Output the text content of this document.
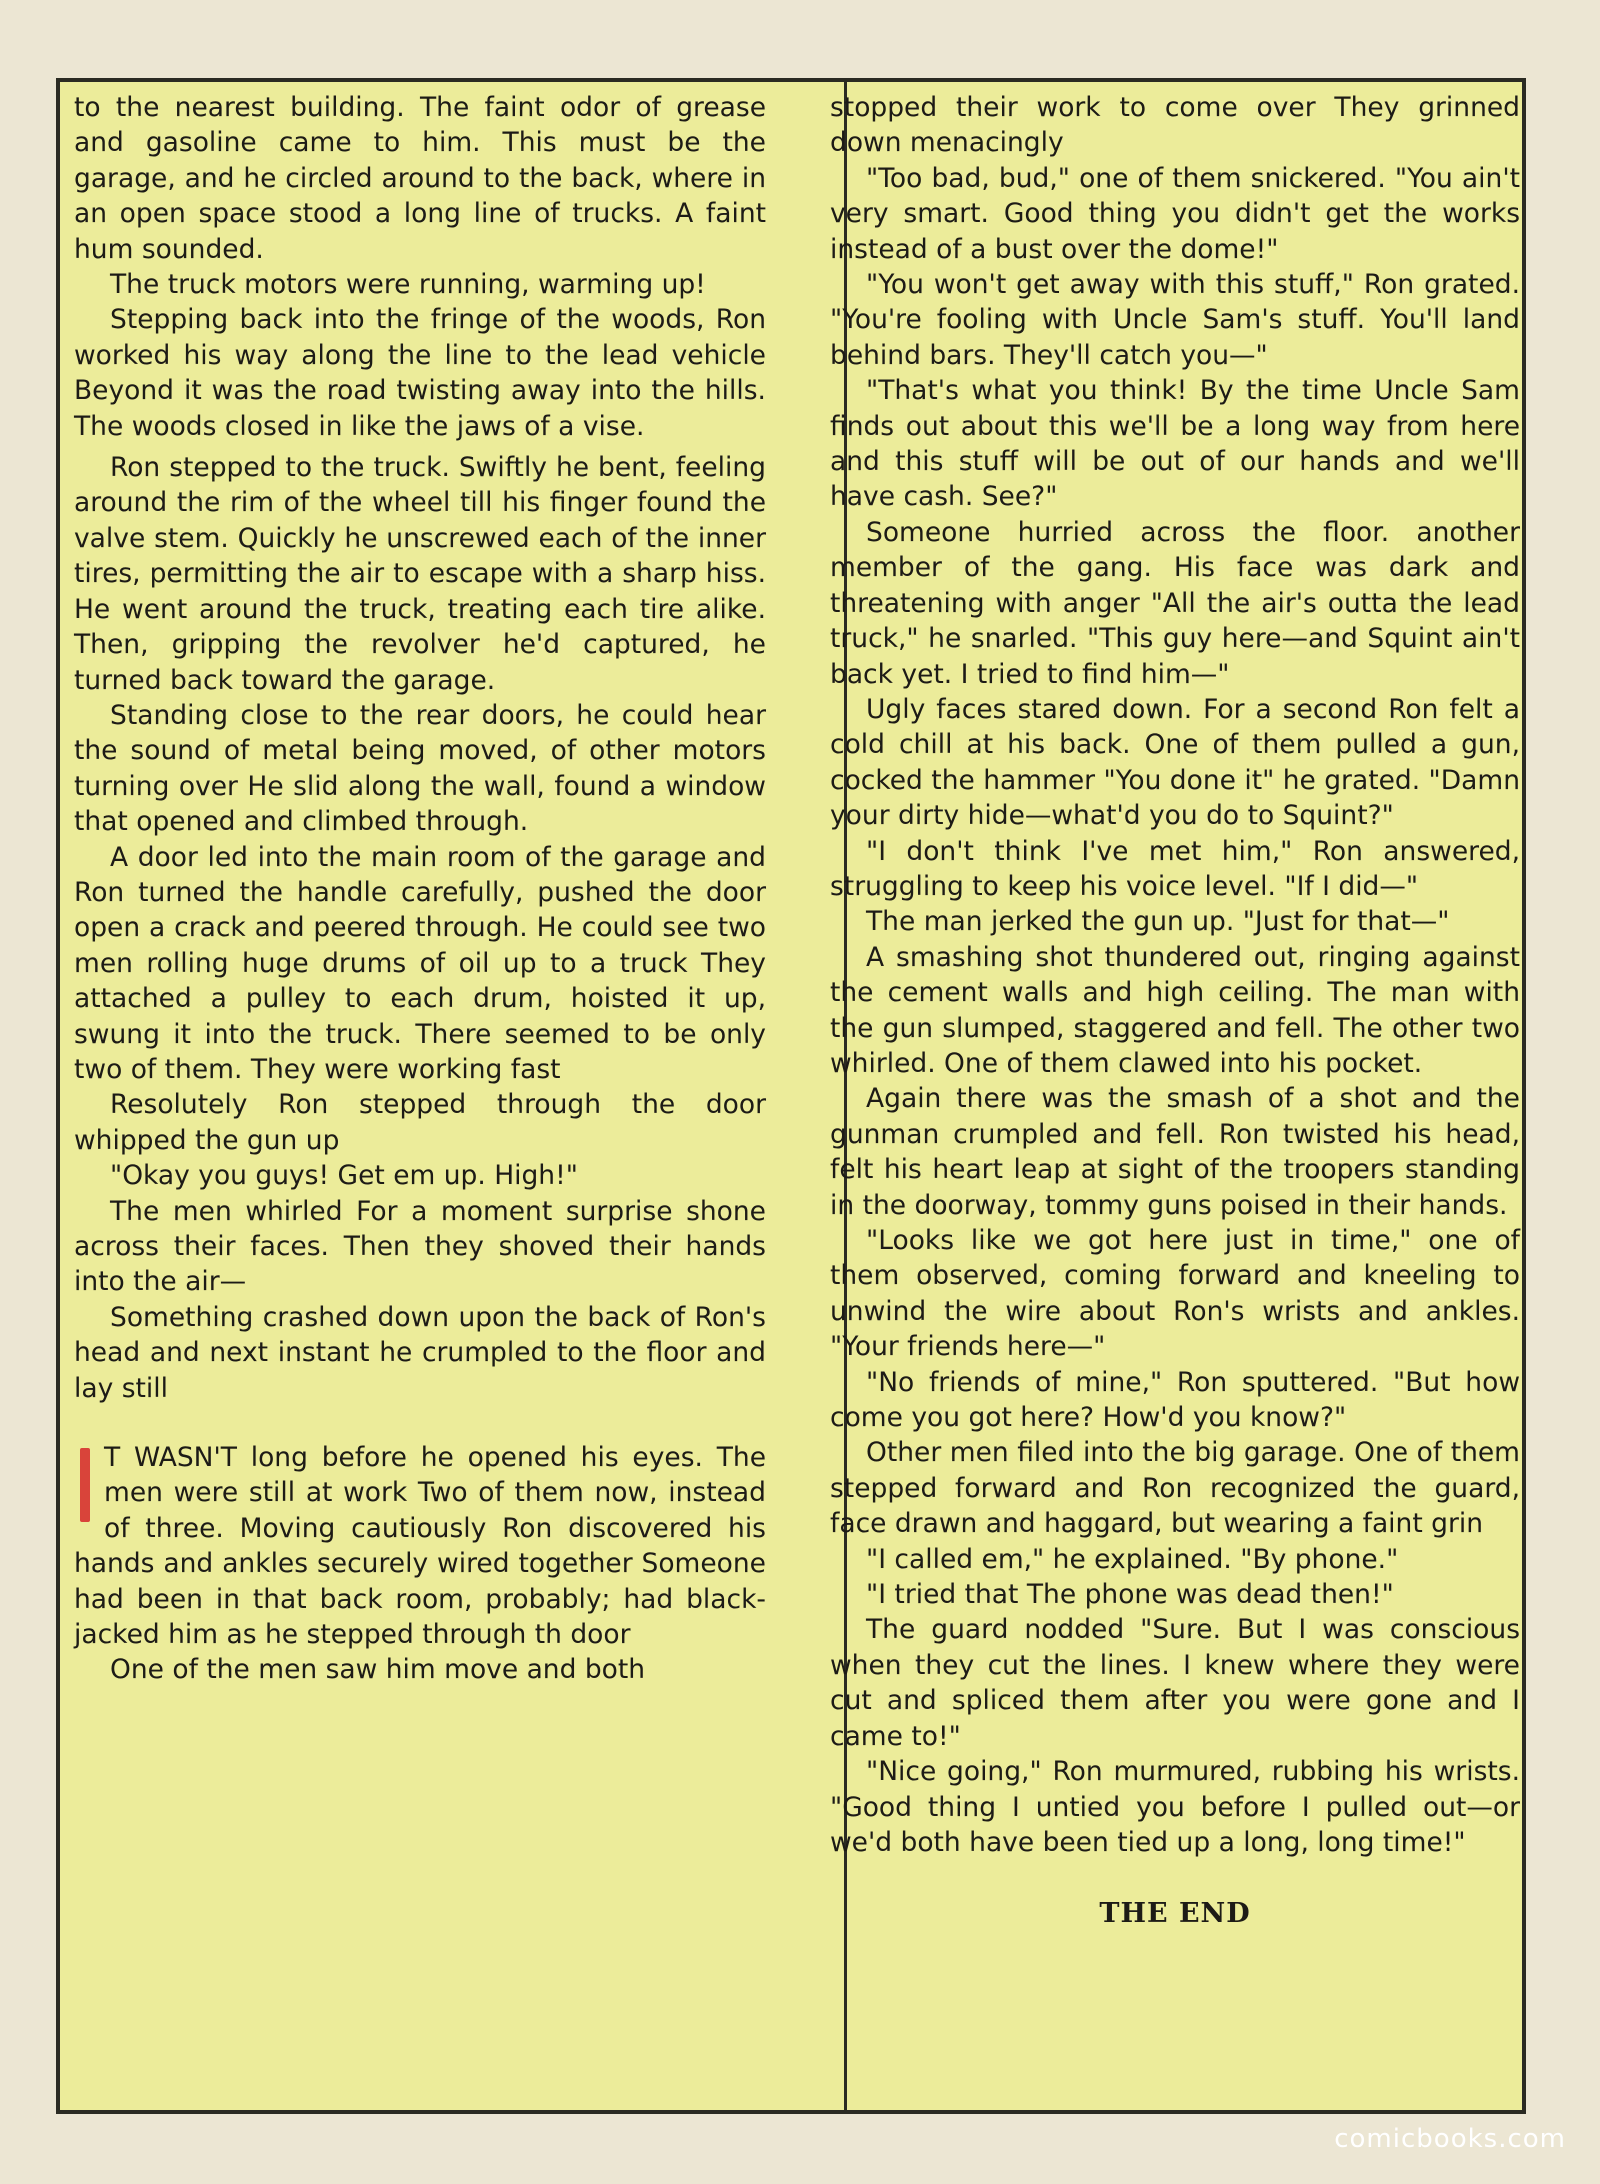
to the nearest building. The faint odor of grease and gasoline came to him. This must be the garage, and he circled around to the back, where in an open space stood a long line of trucks. A faint hum sounded.

The truck motors were running, warming up!

Stepping back into the fringe of the woods, Ron worked his way along the line to the lead vehicle Beyond it was the road twisting away into the hills. The woods closed in like the jaws of a vise.

Ron stepped to the truck. Swiftly he bent, feeling around the rim of the wheel till his finger found the valve stem. Quickly he unscrewed each of the inner tires, permitting the air to escape with a sharp hiss. He went around the truck, treating each tire alike. Then, gripping the revolver he'd captured, he turned back toward the garage.

Standing close to the rear doors, he could hear the sound of metal being moved, of other motors turning over He slid along the wall, found a window that opened and climbed through.

A door led into the main room of the garage and Ron turned the handle carefully, pushed the door open a crack and peered through. He could see two men rolling huge drums of oil up to a truck They attached a pulley to each drum, hoisted it up, swung it into the truck. There seemed to be only two of them. They were working fast

Resolutely Ron stepped through the door whipped the gun up

"Okay you guys! Get em up. High!"

The men whirled For a moment surprise shone across their faces. Then they shoved their hands into the air—

Something crashed down upon the back of Ron's head and next instant he crumpled to the floor and lay still

T WASN'T long before he opened his eyes. The men were still at work Two of them now, instead of three. Moving cautiously Ron discovered his hands and ankles securely wired together Someone had been in that back room, probably; had black-jacked him as he stepped through th door

One of the men saw him move and both

stopped their work to come over They grinned down menacingly

"Too bad, bud," one of them snickered. "You ain't very smart. Good thing you didn't get the works instead of a bust over the dome!"

"You won't get away with this stuff," Ron grated. "You're fooling with Uncle Sam's stuff. You'll land behind bars. They'll catch you—"

"That's what you think! By the time Uncle Sam finds out about this we'll be a long way from here and this stuff will be out of our hands and we'll have cash. See?"

Someone hurried across the floor. another member of the gang. His face was dark and threatening with anger "All the air's outta the lead truck," he snarled. "This guy here—and Squint ain't back yet. I tried to find him—"

Ugly faces stared down. For a second Ron felt a cold chill at his back. One of them pulled a gun, cocked the hammer "You done it" he grated. "Damn your dirty hide—what'd you do to Squint?"

"I don't think I've met him," Ron answered, struggling to keep his voice level. "If I did—"

The man jerked the gun up. "Just for that—"

A smashing shot thundered out, ringing against the cement walls and high ceiling. The man with the gun slumped, staggered and fell. The other two whirled. One of them clawed into his pocket.

Again there was the smash of a shot and the gunman crumpled and fell. Ron twisted his head, felt his heart leap at sight of the troopers standing in the doorway, tommy guns poised in their hands.

"Looks like we got here just in time," one of them observed, coming forward and kneeling to unwind the wire about Ron's wrists and ankles. "Your friends here—"

"No friends of mine," Ron sputtered. "But how come you got here? How'd you know?"

Other men filed into the big garage. One of them stepped forward and Ron recognized the guard, face drawn and haggard, but wearing a faint grin

"I called em," he explained. "By phone."

"I tried that The phone was dead then!"

The guard nodded "Sure. But I was conscious when they cut the lines. I knew where they were cut and spliced them after you were gone and I came to!"

"Nice going," Ron murmured, rubbing his wrists. "Good thing I untied you before I pulled out—or we'd both have been tied up a long, long time!"

THE END
comicbooks.com
